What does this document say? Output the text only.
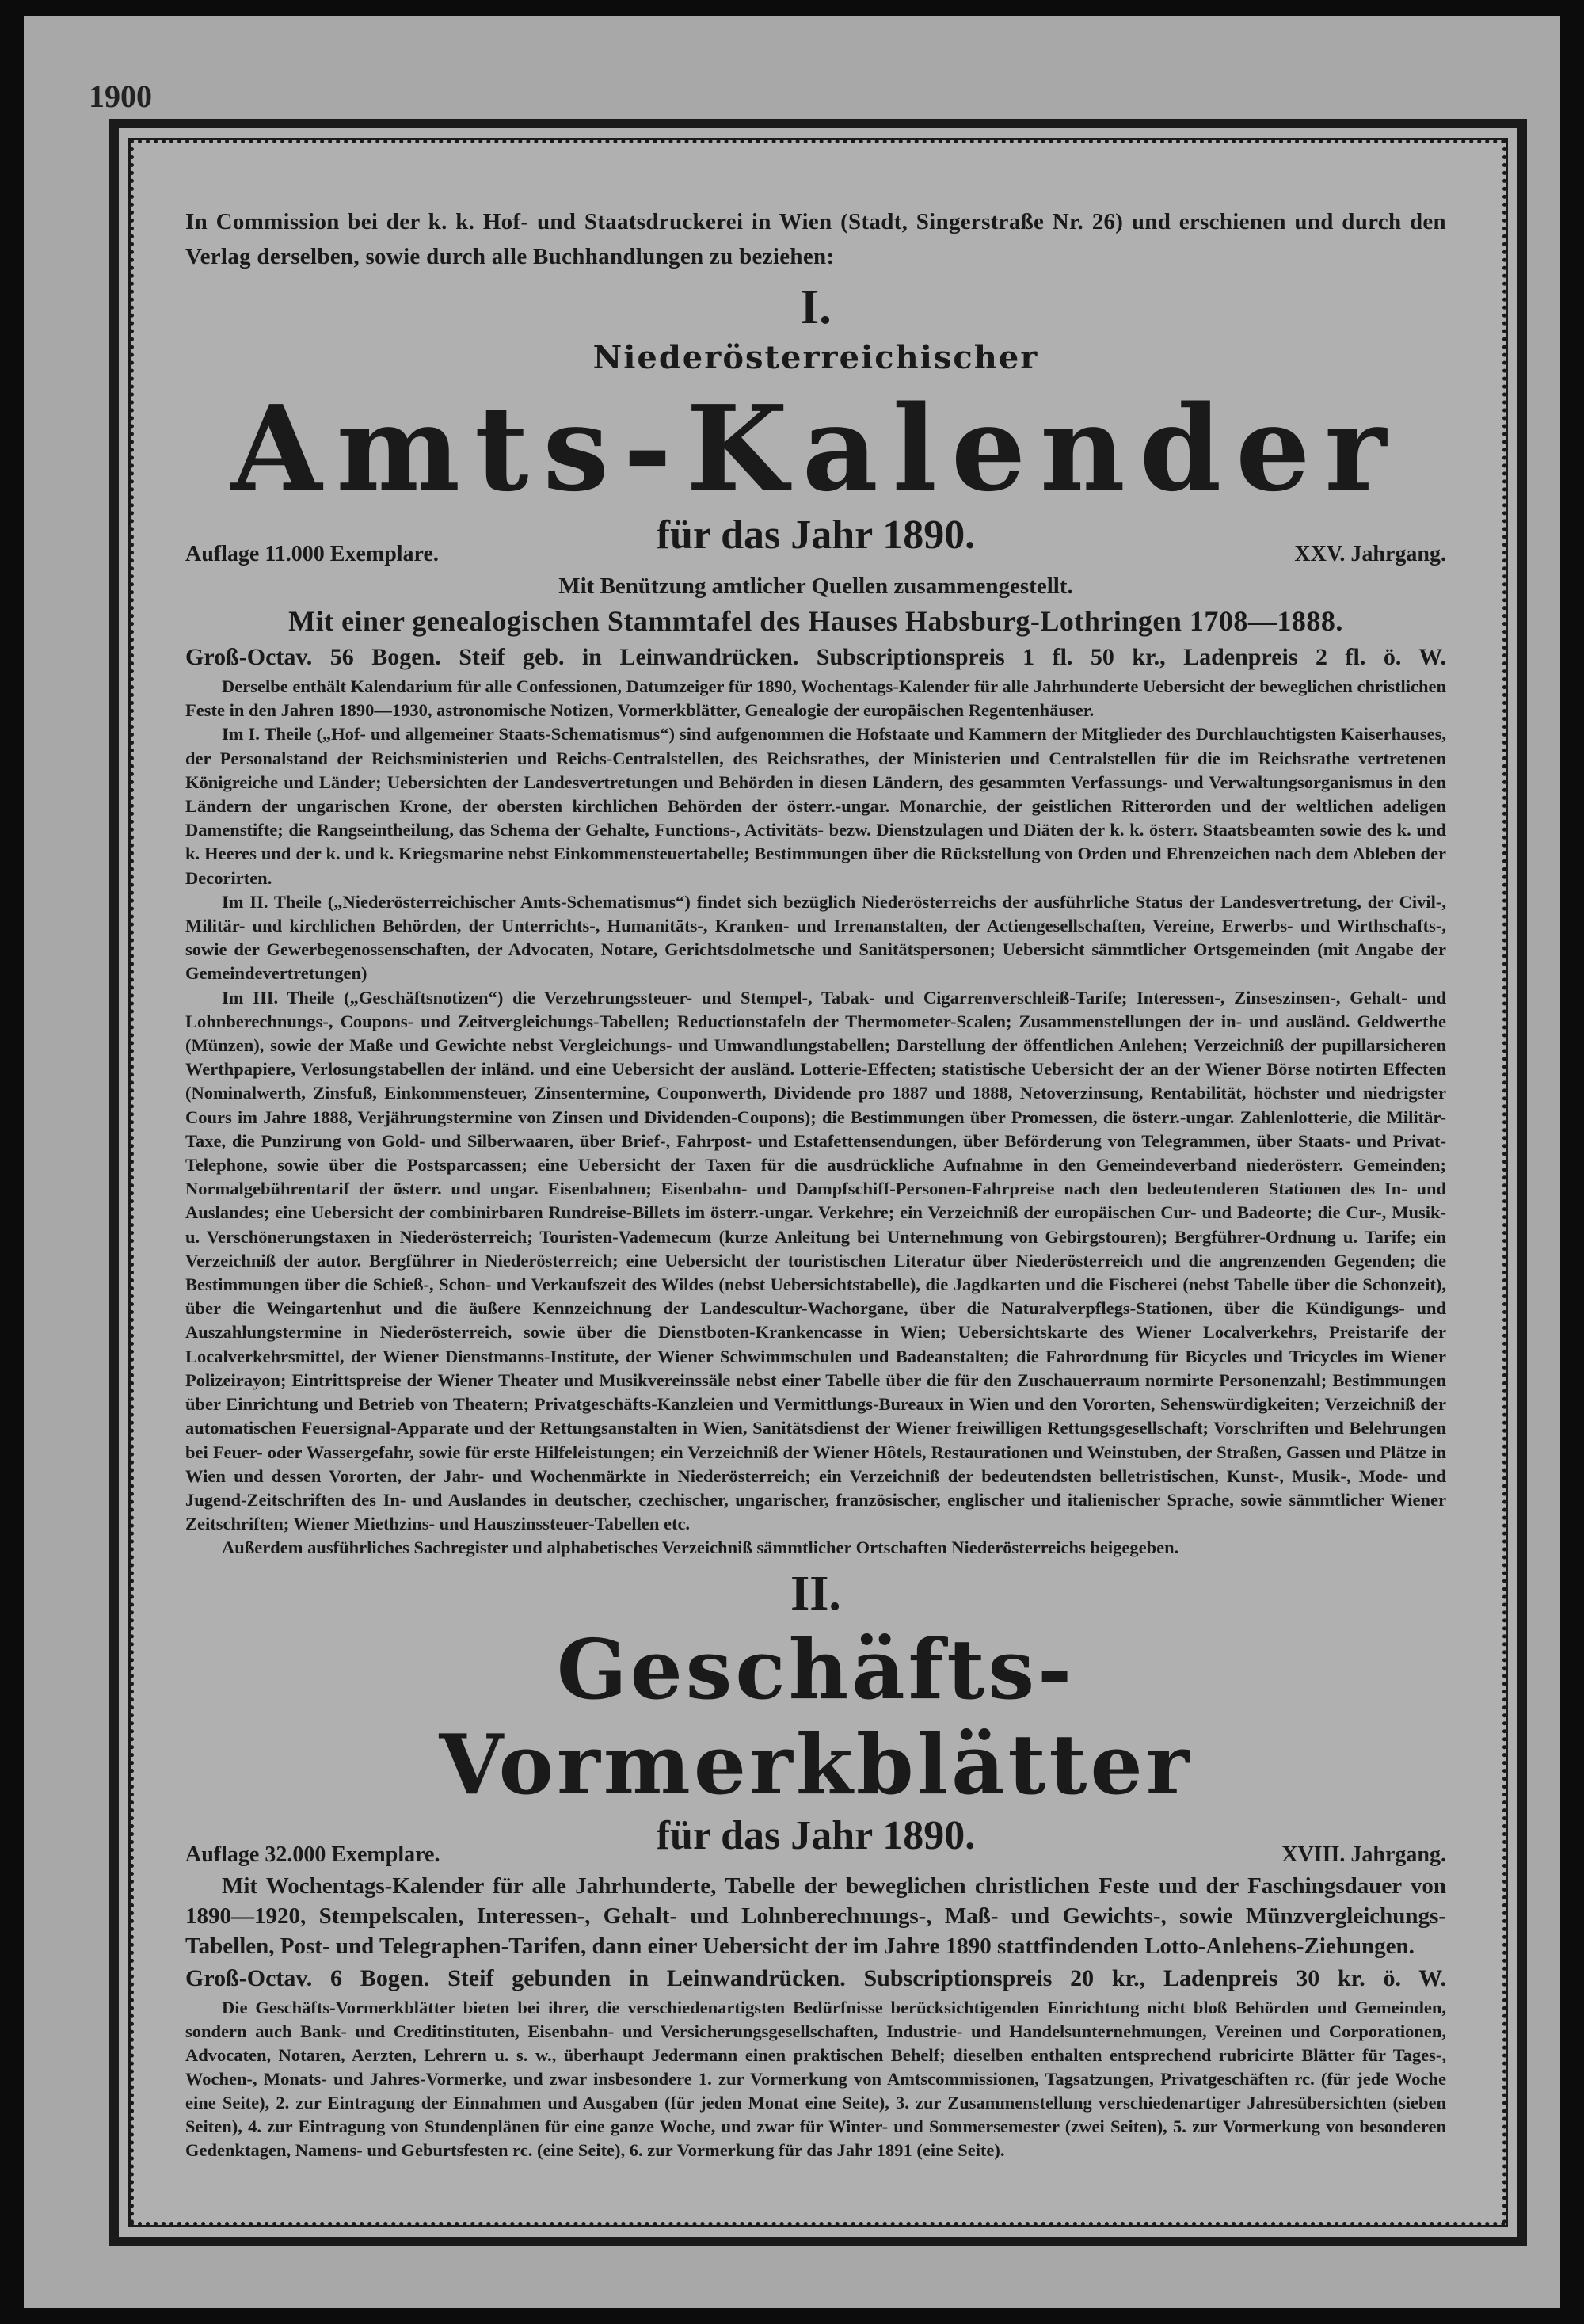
1900
In Commission bei der k. k. Hof- und Staatsdruckerei in Wien (Stadt, Singerstraße Nr. 26) und erschienen und durch den Verlag derselben, sowie durch alle Buchhandlungen zu beziehen:
I.
Niederösterreichischer
Amts-Kalender
Auflage 11.000 Exemplare.	für das Jahr 1890.	XXV. Jahrgang.
Mit Benützung amtlicher Quellen zusammengestellt.
Mit einer genealogischen Stammtafel des Hauses Habsburg-Lothringen 1708—1888.
Groß-Octav. 56 Bogen. Steif geb. in Leinwandrücken. Subscriptionspreis 1 fl. 50 kr., Ladenpreis 2 fl. ö. W.

Derselbe enthält Kalendarium für alle Confessionen, Datumzeiger für 1890, Wochentags-Kalender für alle Jahrhunderte Uebersicht der beweglichen christlichen Feste in den Jahren 1890—1930, astronomische Notizen, Vormerkblätter, Genealogie der europäischen Regentenhäuser.

Im I. Theile („Hof- und allgemeiner Staats-Schematismus“) sind aufgenommen die Hofstaate und Kammern der Mitglieder des Durchlauchtigsten Kaiserhauses, der Personalstand der Reichsministerien und Reichs-Centralstellen, des Reichsrathes, der Ministerien und Centralstellen für die im Reichsrathe vertretenen Königreiche und Länder; Uebersichten der Landesvertretungen und Behörden in diesen Ländern, des gesammten Verfassungs- und Verwaltungsorganismus in den Ländern der ungarischen Krone, der obersten kirchlichen Behörden der österr.-ungar. Monarchie, der geistlichen Ritterorden und der weltlichen adeligen Damenstifte; die Rangseintheilung, das Schema der Gehalte, Functions-, Activitäts- bezw. Dienstzulagen und Diäten der k. k. österr. Staatsbeamten sowie des k. und k. Heeres und der k. und k. Kriegsmarine nebst Einkommensteuertabelle; Bestimmungen über die Rückstellung von Orden und Ehrenzeichen nach dem Ableben der Decorirten.

Im II. Theile („Niederösterreichischer Amts-Schematismus“) findet sich bezüglich Niederösterreichs der ausführliche Status der Landesvertretung, der Civil-, Militär- und kirchlichen Behörden, der Unterrichts-, Humanitäts-, Kranken- und Irrenanstalten, der Actiengesellschaften, Vereine, Erwerbs- und Wirthschafts-, sowie der Gewerbegenossenschaften, der Advocaten, Notare, Gerichtsdolmetsche und Sanitätspersonen; Uebersicht sämmtlicher Ortsgemeinden (mit Angabe der Gemeindevertretungen)

Im III. Theile („Geschäftsnotizen“) die Verzehrungssteuer- und Stempel-, Tabak- und Cigarrenverschleiß-Tarife; Interessen-, Zinseszinsen-, Gehalt- und Lohnberechnungs-, Coupons- und Zeitvergleichungs-Tabellen; Reductionstafeln der Thermometer-Scalen; Zusammenstellungen der in- und ausländ. Geldwerthe (Münzen), sowie der Maße und Gewichte nebst Vergleichungs- und Umwandlungstabellen; Darstellung der öffentlichen Anlehen; Verzeichniß der pupillarsicheren Werthpapiere, Verlosungstabellen der inländ. und eine Uebersicht der ausländ. Lotterie-Effecten; statistische Uebersicht der an der Wiener Börse notirten Effecten (Nominalwerth, Zinsfuß, Einkommensteuer, Zinsentermine, Couponwerth, Dividende pro 1887 und 1888, Netoverzinsung, Rentabilität, höchster und niedrigster Cours im Jahre 1888, Verjährungstermine von Zinsen und Dividenden-Coupons); die Bestimmungen über Promessen, die österr.-ungar. Zahlenlotterie, die Militär-Taxe, die Punzirung von Gold- und Silberwaaren, über Brief-, Fahrpost- und Estafettensendungen, über Beförderung von Telegrammen, über Staats- und Privat-Telephone, sowie über die Postsparcassen; eine Uebersicht der Taxen für die ausdrückliche Aufnahme in den Gemeindeverband niederösterr. Gemeinden; Normalgebührentarif der österr. und ungar. Eisenbahnen; Eisenbahn- und Dampfschiff-Personen-Fahrpreise nach den bedeutenderen Stationen des In- und Auslandes; eine Uebersicht der combinirbaren Rundreise-Billets im österr.-ungar. Verkehre; ein Verzeichniß der europäischen Cur- und Badeorte; die Cur-, Musik- u. Verschönerungstaxen in Niederösterreich; Touristen-Vademecum (kurze Anleitung bei Unternehmung von Gebirgstouren); Bergführer-Ordnung u. Tarife; ein Verzeichniß der autor. Bergführer in Niederösterreich; eine Uebersicht der touristischen Literatur über Niederösterreich und die angrenzenden Gegenden; die Bestimmungen über die Schieß-, Schon- und Verkaufszeit des Wildes (nebst Uebersichtstabelle), die Jagdkarten und die Fischerei (nebst Tabelle über die Schonzeit), über die Weingartenhut und die äußere Kennzeichnung der Landescultur-Wachorgane, über die Naturalverpflegs-Stationen, über die Kündigungs- und Auszahlungstermine in Niederösterreich, sowie über die Dienstboten-Krankencasse in Wien; Uebersichtskarte des Wiener Localverkehrs, Preistarife der Localverkehrsmittel, der Wiener Dienstmanns-Institute, der Wiener Schwimmschulen und Badeanstalten; die Fahrordnung für Bicycles und Tricycles im Wiener Polizeirayon; Eintrittspreise der Wiener Theater und Musikvereinssäle nebst einer Tabelle über die für den Zuschauerraum normirte Personenzahl; Bestimmungen über Einrichtung und Betrieb von Theatern; Privatgeschäfts-Kanzleien und Vermittlungs-Bureaux in Wien und den Vororten, Sehenswürdigkeiten; Verzeichniß der automatischen Feuersignal-Apparate und der Rettungsanstalten in Wien, Sanitätsdienst der Wiener freiwilligen Rettungsgesellschaft; Vorschriften und Belehrungen bei Feuer- oder Wassergefahr, sowie für erste Hilfeleistungen; ein Verzeichniß der Wiener Hôtels, Restaurationen und Weinstuben, der Straßen, Gassen und Plätze in Wien und dessen Vororten, der Jahr- und Wochenmärkte in Niederösterreich; ein Verzeichniß der bedeutendsten belletristischen, Kunst-, Musik-, Mode- und Jugend-Zeitschriften des In- und Auslandes in deutscher, czechischer, ungarischer, französischer, englischer und italienischer Sprache, sowie sämmtlicher Wiener Zeitschriften; Wiener Miethzins- und Hauszinssteuer-Tabellen etc.

Außerdem ausführliches Sachregister und alphabetisches Verzeichniß sämmtlicher Ortschaften Niederösterreichs beigegeben.

II.
Geschäfts-Vormerkblätter
Auflage 32.000 Exemplare.	für das Jahr 1890.	XVIII. Jahrgang.

Mit Wochentags-Kalender für alle Jahrhunderte, Tabelle der beweglichen christlichen Feste und der Faschingsdauer von 1890—1920, Stempelscalen, Interessen-, Gehalt- und Lohnberechnungs-, Maß- und Gewichts-, sowie Münzvergleichungs-Tabellen, Post- und Telegraphen-Tarifen, dann einer Uebersicht der im Jahre 1890 stattfindenden Lotto-Anlehens-Ziehungen.

Groß-Octav. 6 Bogen. Steif gebunden in Leinwandrücken. Subscriptionspreis 20 kr., Ladenpreis 30 kr. ö. W.

Die Geschäfts-Vormerkblätter bieten bei ihrer, die verschiedenartigsten Bedürfnisse berücksichtigenden Einrichtung nicht bloß Behörden und Gemeinden, sondern auch Bank- und Creditinstituten, Eisenbahn- und Versicherungsgesellschaften, Industrie- und Handelsunternehmungen, Vereinen und Corporationen, Advocaten, Notaren, Aerzten, Lehrern u. s. w., überhaupt Jedermann einen praktischen Behelf; dieselben enthalten entsprechend rubricirte Blätter für Tages-, Wochen-, Monats- und Jahres-Vormerke, und zwar insbesondere 1. zur Vormerkung von Amtscommissionen, Tagsatzungen, Privatgeschäften rc. (für jede Woche eine Seite), 2. zur Eintragung der Einnahmen und Ausgaben (für jeden Monat eine Seite), 3. zur Zusammenstellung verschiedenartiger Jahresübersichten (sieben Seiten), 4. zur Eintragung von Stundenplänen für eine ganze Woche, und zwar für Winter- und Sommersemester (zwei Seiten), 5. zur Vormerkung von besonderen Gedenktagen, Namens- und Geburtsfesten rc. (eine Seite), 6. zur Vormerkung für das Jahr 1891 (eine Seite).
